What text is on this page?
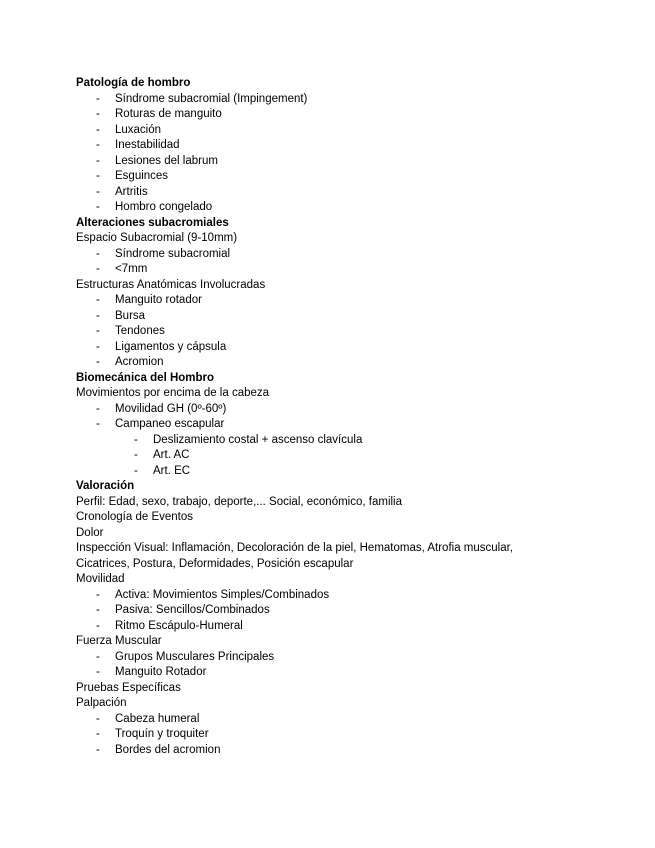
Patología de hombro
- Síndrome subacromial (Impingement)
- Roturas de manguito
- Luxación
- Inestabilidad
- Lesiones del labrum
- Esguinces
- Artritis
- Hombro congelado
Alteraciones subacromiales
Espacio Subacromial (9-10mm)
- Síndrome subacromial
- <7mm
Estructuras Anatómicas Involucradas
- Manguito rotador
- Bursa
- Tendones
- Ligamentos y cápsula
- Acromion
Biomecánica del Hombro
Movimientos por encima de la cabeza
- Movilidad GH (0º-60º)
- Campaneo escapular
- Deslizamiento costal + ascenso clavícula
- Art. AC
- Art. EC
Valoración
Perfil: Edad, sexo, trabajo, deporte,... Social, económico, familia
Cronología de Eventos
Dolor
Inspección Visual: Inflamación, Decoloración de la piel, Hematomas, Atrofia muscular,
Cicatrices, Postura, Deformidades, Posición escapular
Movilidad
- Activa: Movimientos Simples/Combinados
- Pasiva: Sencillos/Combinados
- Ritmo Escápulo-Humeral
Fuerza Muscular
- Grupos Musculares Principales
- Manguito Rotador
Pruebas Específicas
Palpación
- Cabeza humeral
- Troquín y troquiter
- Bordes del acromion
